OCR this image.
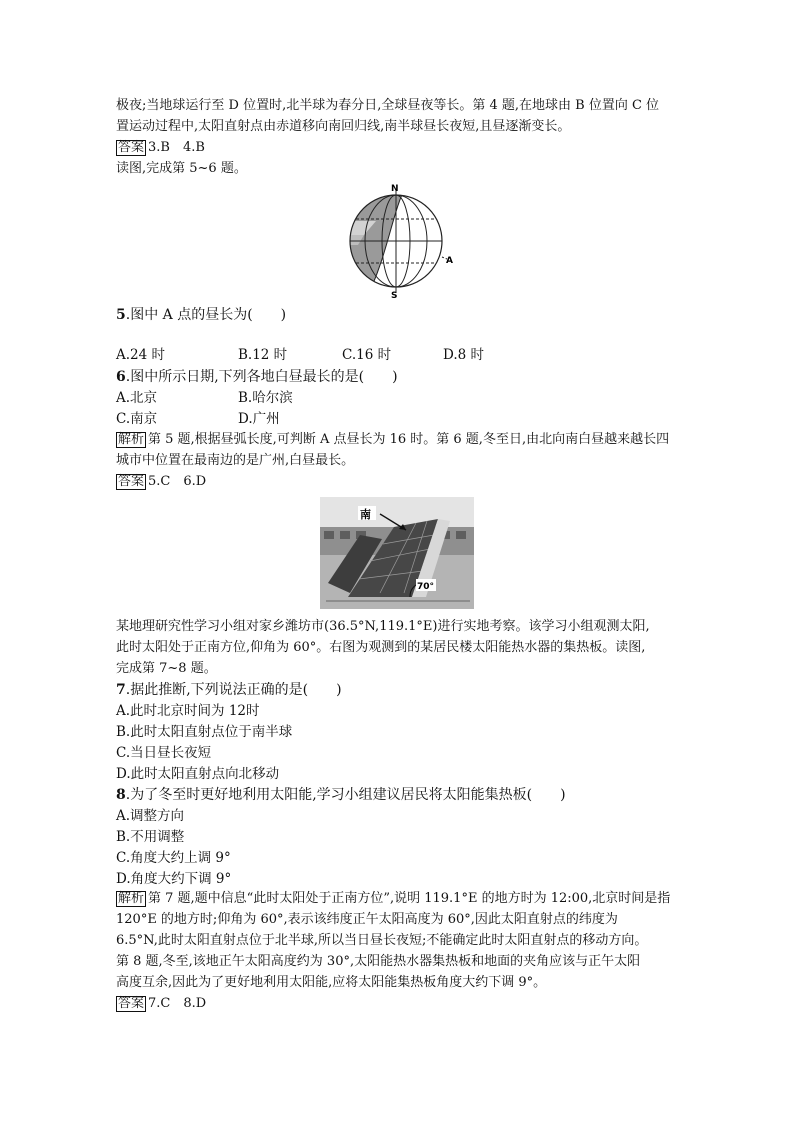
极夜;当地球运行至 D 位置时,北半球为春分日,全球昼夜等长。第 4 题,在地球由 B 位置向 C 位
置运动过程中,太阳直射点由赤道移向南回归线,南半球昼长夜短,且昼逐渐变长。
答案 3.B　4.B
读图,完成第 5~6 题。
N
S
A
5.图中 A 点的昼长为(　　)
A.24 时	B.12 时	C.16 时	D.8 时
6.图中所示日期,下列各地白昼最长的是(　　)
A.北京	B.哈尔滨
C.南京	D.广州
解析 第 5 题,根据昼弧长度,可判断 A 点昼长为 16 时。第 6 题,冬至日,由北向南白昼越来越长四
城市中位置在最南边的是广州,白昼最长。
答案 5.C　6.D
南
70°
某地理研究性学习小组对家乡潍坊市(36.5°N,119.1°E)进行实地考察。该学习小组观测太阳,
此时太阳处于正南方位,仰角为 60°。右图为观测到的某居民楼太阳能热水器的集热板。读图,
完成第 7~8 题。
7.据此推断,下列说法正确的是(　　)
A.此时北京时间为 12时
B.此时太阳直射点位于南半球
C.当日昼长夜短
D.此时太阳直射点向北移动
8.为了冬至时更好地利用太阳能,学习小组建议居民将太阳能集热板(　　)
A.调整方向
B.不用调整
C.角度大约上调 9°
D.角度大约下调 9°
解析 第 7 题,题中信息“此时太阳处于正南方位”,说明 119.1°E 的地方时为 12:00,北京时间是指
120°E 的地方时;仰角为 60°,表示该纬度正午太阳高度为 60°,因此太阳直射点的纬度为
6.5°N,此时太阳直射点位于北半球,所以当日昼长夜短;不能确定此时太阳直射点的移动方向。
第 8 题,冬至,该地正午太阳高度约为 30°,太阳能热水器集热板和地面的夹角应该与正午太阳
高度互余,因此为了更好地利用太阳能,应将太阳能集热板角度大约下调 9°。
答案 7.C　8.D
